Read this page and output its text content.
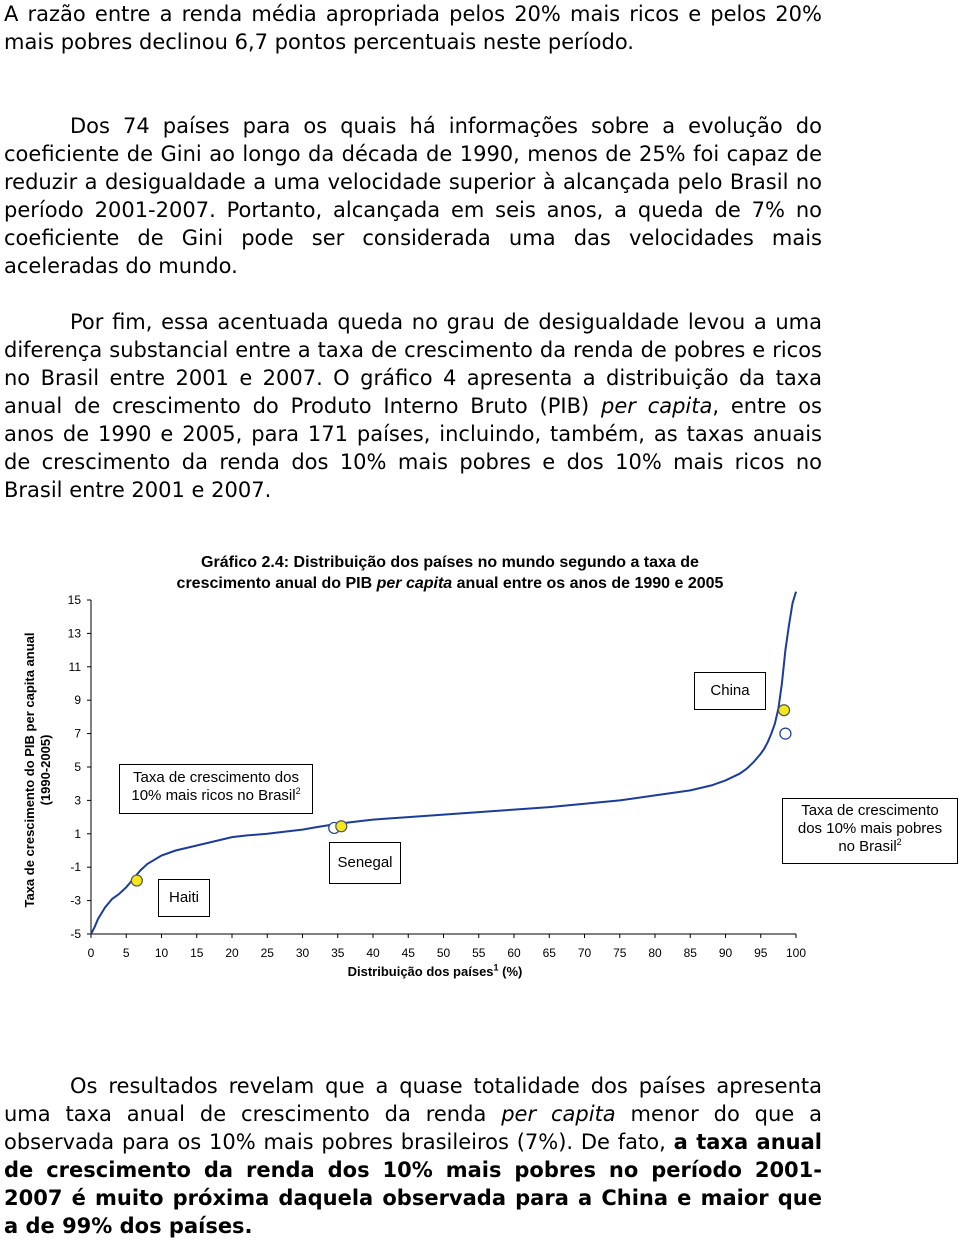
A razão entre a renda média apropriada pelos 20% mais ricos e pelos 20% mais pobres declinou 6,7 pontos percentuais neste período.

Dos 74 países para os quais há informações sobre a evolução do coeficiente de Gini ao longo da década de 1990, menos de 25% foi capaz de reduzir a desigualdade a uma velocidade superior à alcançada pelo Brasil no período 2001-2007. Portanto, alcançada em seis anos, a queda de 7% no coeficiente de Gini pode ser considerada uma das velocidades mais aceleradas do mundo.

Por fim, essa acentuada queda no grau de desigualdade levou a uma diferença substancial entre a taxa de crescimento da renda de pobres e ricos no Brasil entre 2001 e 2007. O gráfico 4 apresenta a distribuição da taxa anual de crescimento do Produto Interno Bruto (PIB) per capita, entre os anos de 1990 e 2005, para 171 países, incluindo, também, as taxas anuais de crescimento da renda dos 10% mais pobres e dos 10% mais ricos no Brasil entre 2001 e 2007.

Gráfico 2.4: Distribuição dos países no mundo segundo a taxa de
crescimento anual do PIB per capita anual entre os anos de 1990 e 2005
-5
-3
-1
1
3
5
7
9
11
13
15
0 5 10 15 20 25 30 35 40 45 50 55 60 65 70 75 80 85 90 95 100
Taxa de crescimento do PIB per capita anual (1990-2005)
Distribuição dos países$^1$ (%)
Taxa de crescimento dos
10% mais ricos no Brasil$^2$
Haiti
Senegal
China
Taxa de crescimento
dos 10% mais pobres
no Brasil$^2$

Os resultados revelam que a quase totalidade dos países apresenta uma taxa anual de crescimento da renda per capita menor do que a observada para os 10% mais pobres brasileiros (7%). De fato, a taxa anual de crescimento da renda dos 10% mais pobres no período 2001-2007 é muito próxima daquela observada para a China e maior que a de 99% dos países.
